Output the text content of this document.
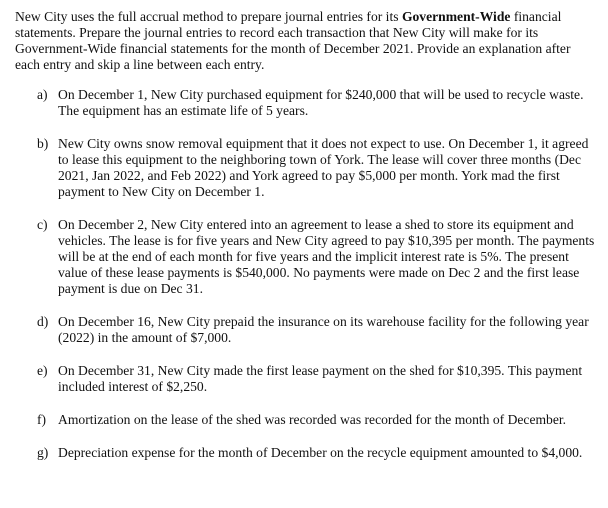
New City uses the full accrual method to prepare journal entries for its Government-Wide financial statements. Prepare the journal entries to record each transaction that New City will make for its Government-Wide financial statements for the month of December 2021. Provide an explanation after each entry and skip a line between each entry.

a) On December 1, New City purchased equipment for $240,000 that will be used to recycle waste. The equipment has an estimate life of 5 years.
b) New City owns snow removal equipment that it does not expect to use. On December 1, it agreed to lease this equipment to the neighboring town of York. The lease will cover three months (Dec 2021, Jan 2022, and Feb 2022) and York agreed to pay $5,000 per month. York mad the first payment to New City on December 1.
c) On December 2, New City entered into an agreement to lease a shed to store its equipment and vehicles. The lease is for five years and New City agreed to pay $10,395 per month. The payments will be at the end of each month for five years and the implicit interest rate is 5%. The present value of these lease payments is $540,000. No payments were made on Dec 2 and the first lease payment is due on Dec 31.
d) On December 16, New City prepaid the insurance on its warehouse facility for the following year (2022) in the amount of $7,000.
e) On December 31, New City made the first lease payment on the shed for $10,395. This payment included interest of $2,250.
f) Amortization on the lease of the shed was recorded was recorded for the month of December.
g) Depreciation expense for the month of December on the recycle equipment amounted to $4,000.
